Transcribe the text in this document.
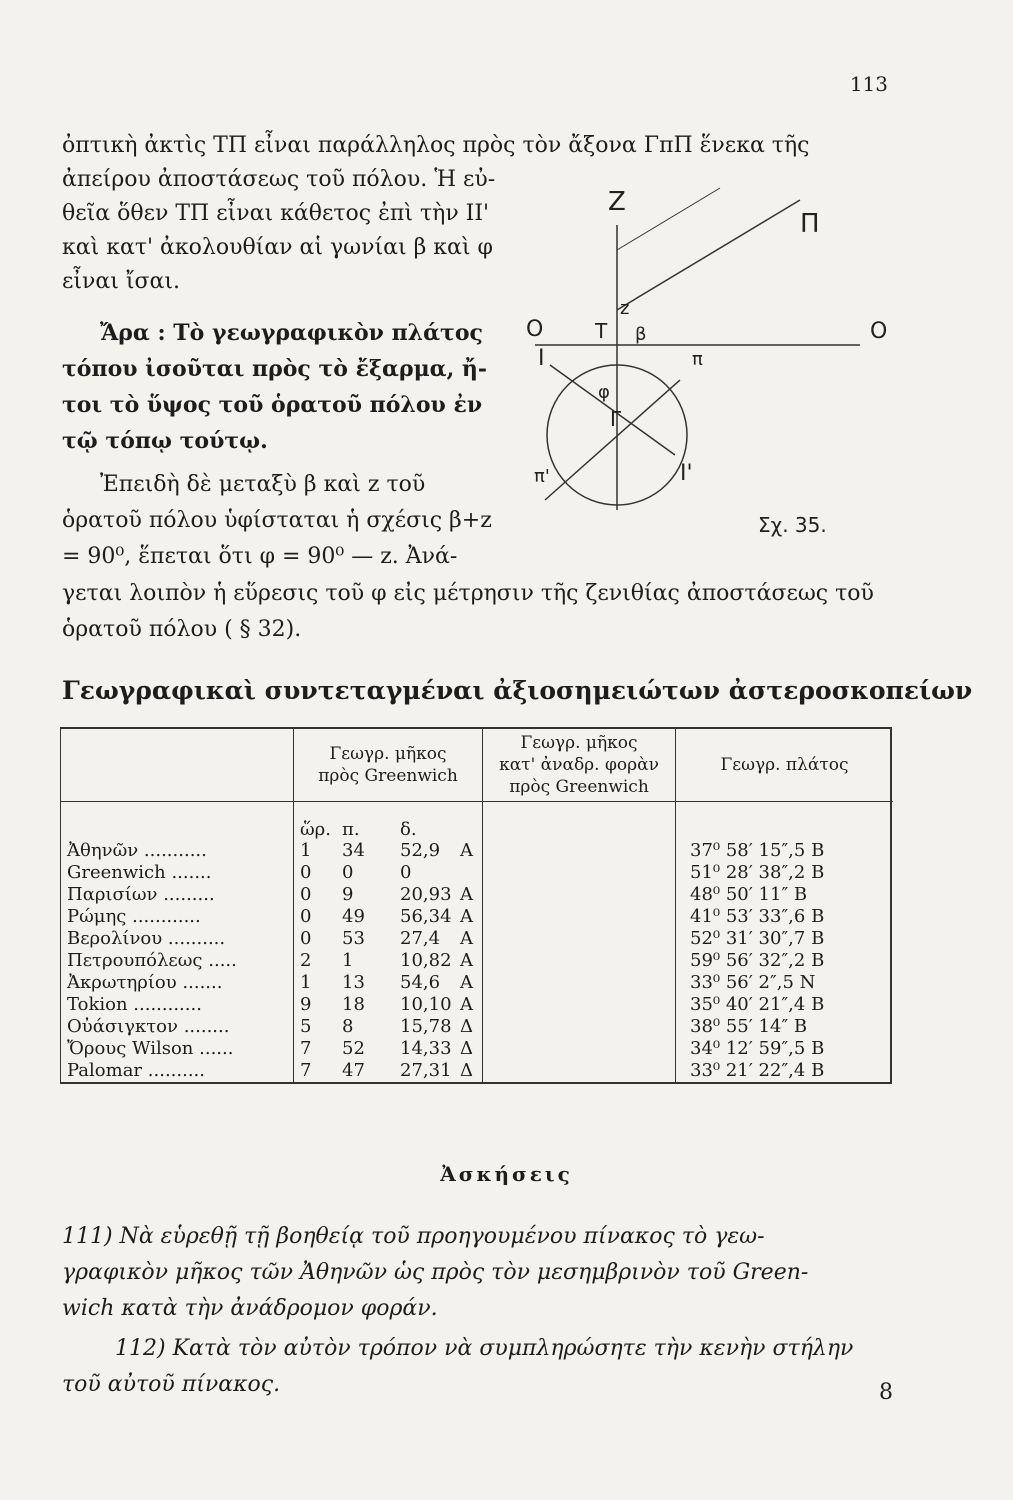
113
ὀπτικὴ ἀκτὶς ΤΠ εἶναι παράλληλος πρὸς τὸν ἄξονα ΓπΠ ἕνεκα τῆς
ἀπείρου ἀποστάσεως τοῦ πόλου. Ἡ εὐ-
θεῖα ὅθεν ΤΠ εἶναι κάθετος ἐπὶ τὴν ΙΙ'
καὶ κατ' ἀκολουθίαν αἱ γωνίαι β καὶ φ
εἶναι ἴσαι.
Ἄρα : Τὸ γεωγραφικὸν πλάτος
τόπου ἰσοῦται πρὸς τὸ ἔξαρμα, ἤ-
τοι τὸ ὕψος τοῦ ὁρατοῦ πόλου ἐν
τῷ τόπῳ τούτῳ.
Ἐπειδὴ δὲ μεταξὺ β καὶ z τοῦ
ὁρατοῦ πόλου ὑφίσταται ἡ σχέσις β+z
= 90⁰, ἕπεται ὅτι φ = 90⁰ — z. Ἀνά-
γεται λοιπὸν ἡ εὕρεσις τοῦ φ εἰς μέτρησιν τῆς ζενιθίας ἀποστάσεως τοῦ
ὁρατοῦ πόλου ( § 32).
Z
Π
O	T	O
z
β
I	π
φ
Γ
I'
π'
Σχ. 35.
Γεωγραφικαὶ συντεταγμέναι ἀξιοσημειώτων ἀστεροσκοπείων
	Γεωγρ. μῆκος
πρὸς Greenwich	Γεωγρ. μῆκος
κατ' ἀναδρ. φορὰν
πρὸς Greenwich	Γεωγρ. πλάτος
	ὥρ. π. δ.		
Ἀθηνῶν ...........	1 34 52,9 A		37⁰ 58′ 15″,5 B
Greenwich .......	0 0 0		51⁰ 28′ 38″,2 B
Παρισίων .........	0 9 20,93 A		48⁰ 50′ 11″ B
Ρώμης ............	0 49 56,34 A		41⁰ 53′ 33″,6 B
Βερολίνου ..........	0 53 27,4 A		52⁰ 31′ 30″,7 B
Πετρουπόλεως .....	2 1 10,82 A		59⁰ 56′ 32″,2 B
Ἀκρωτηρίου .......	1 13 54,6 A		33⁰ 56′ 2″,5 N
Tokion ............	9 18 10,10 A		35⁰ 40′ 21″,4 B
Οὐάσιγκτον ........	5 8 15,78 Δ		38⁰ 55′ 14″ B
Ὄρους Wilson ......	7 52 14,33 Δ		34⁰ 12′ 59″,5 B
Palomar ..........	7 47 27,31 Δ		33⁰ 21′ 22″,4 B
Ἀσκήσεις
111) Νὰ εὑρεθῇ τῇ βοηθείᾳ τοῦ προηγουμένου πίνακος τὸ γεω-
γραφικὸν μῆκος τῶν Ἀθηνῶν ὡς πρὸς τὸν μεσημβρινὸν τοῦ Green-
wich κατὰ τὴν ἀνάδρομον φοράν.
112) Κατὰ τὸν αὐτὸν τρόπον νὰ συμπληρώσητε τὴν κενὴν στήλην
τοῦ αὐτοῦ πίνακος.	8
